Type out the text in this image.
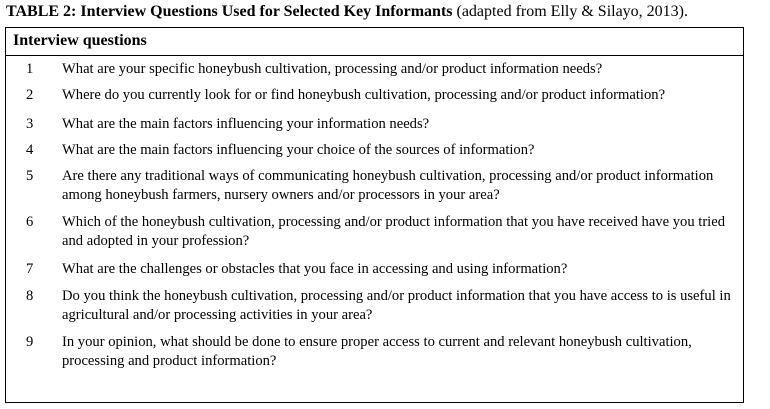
TABLE 2: Interview Questions Used for Selected Key Informants (adapted from Elly & Silayo, 2013).
Interview questions
1	What are your specific honeybush cultivation, processing and/or product information needs?
2	Where do you currently look for or find honeybush cultivation, processing and/or product information?
3	What are the main factors influencing your information needs?
4	What are the main factors influencing your choice of the sources of information?
5	Are there any traditional ways of communicating honeybush cultivation, processing and/or product information among honeybush farmers, nursery owners and/or processors in your area?
6	Which of the honeybush cultivation, processing and/or product information that you have received have you tried and adopted in your profession?
7	What are the challenges or obstacles that you face in accessing and using information?
8	Do you think the honeybush cultivation, processing and/or product information that you have access to is useful in agricultural and/or processing activities in your area?
9	In your opinion, what should be done to ensure proper access to current and relevant honeybush cultivation, processing and product information?
